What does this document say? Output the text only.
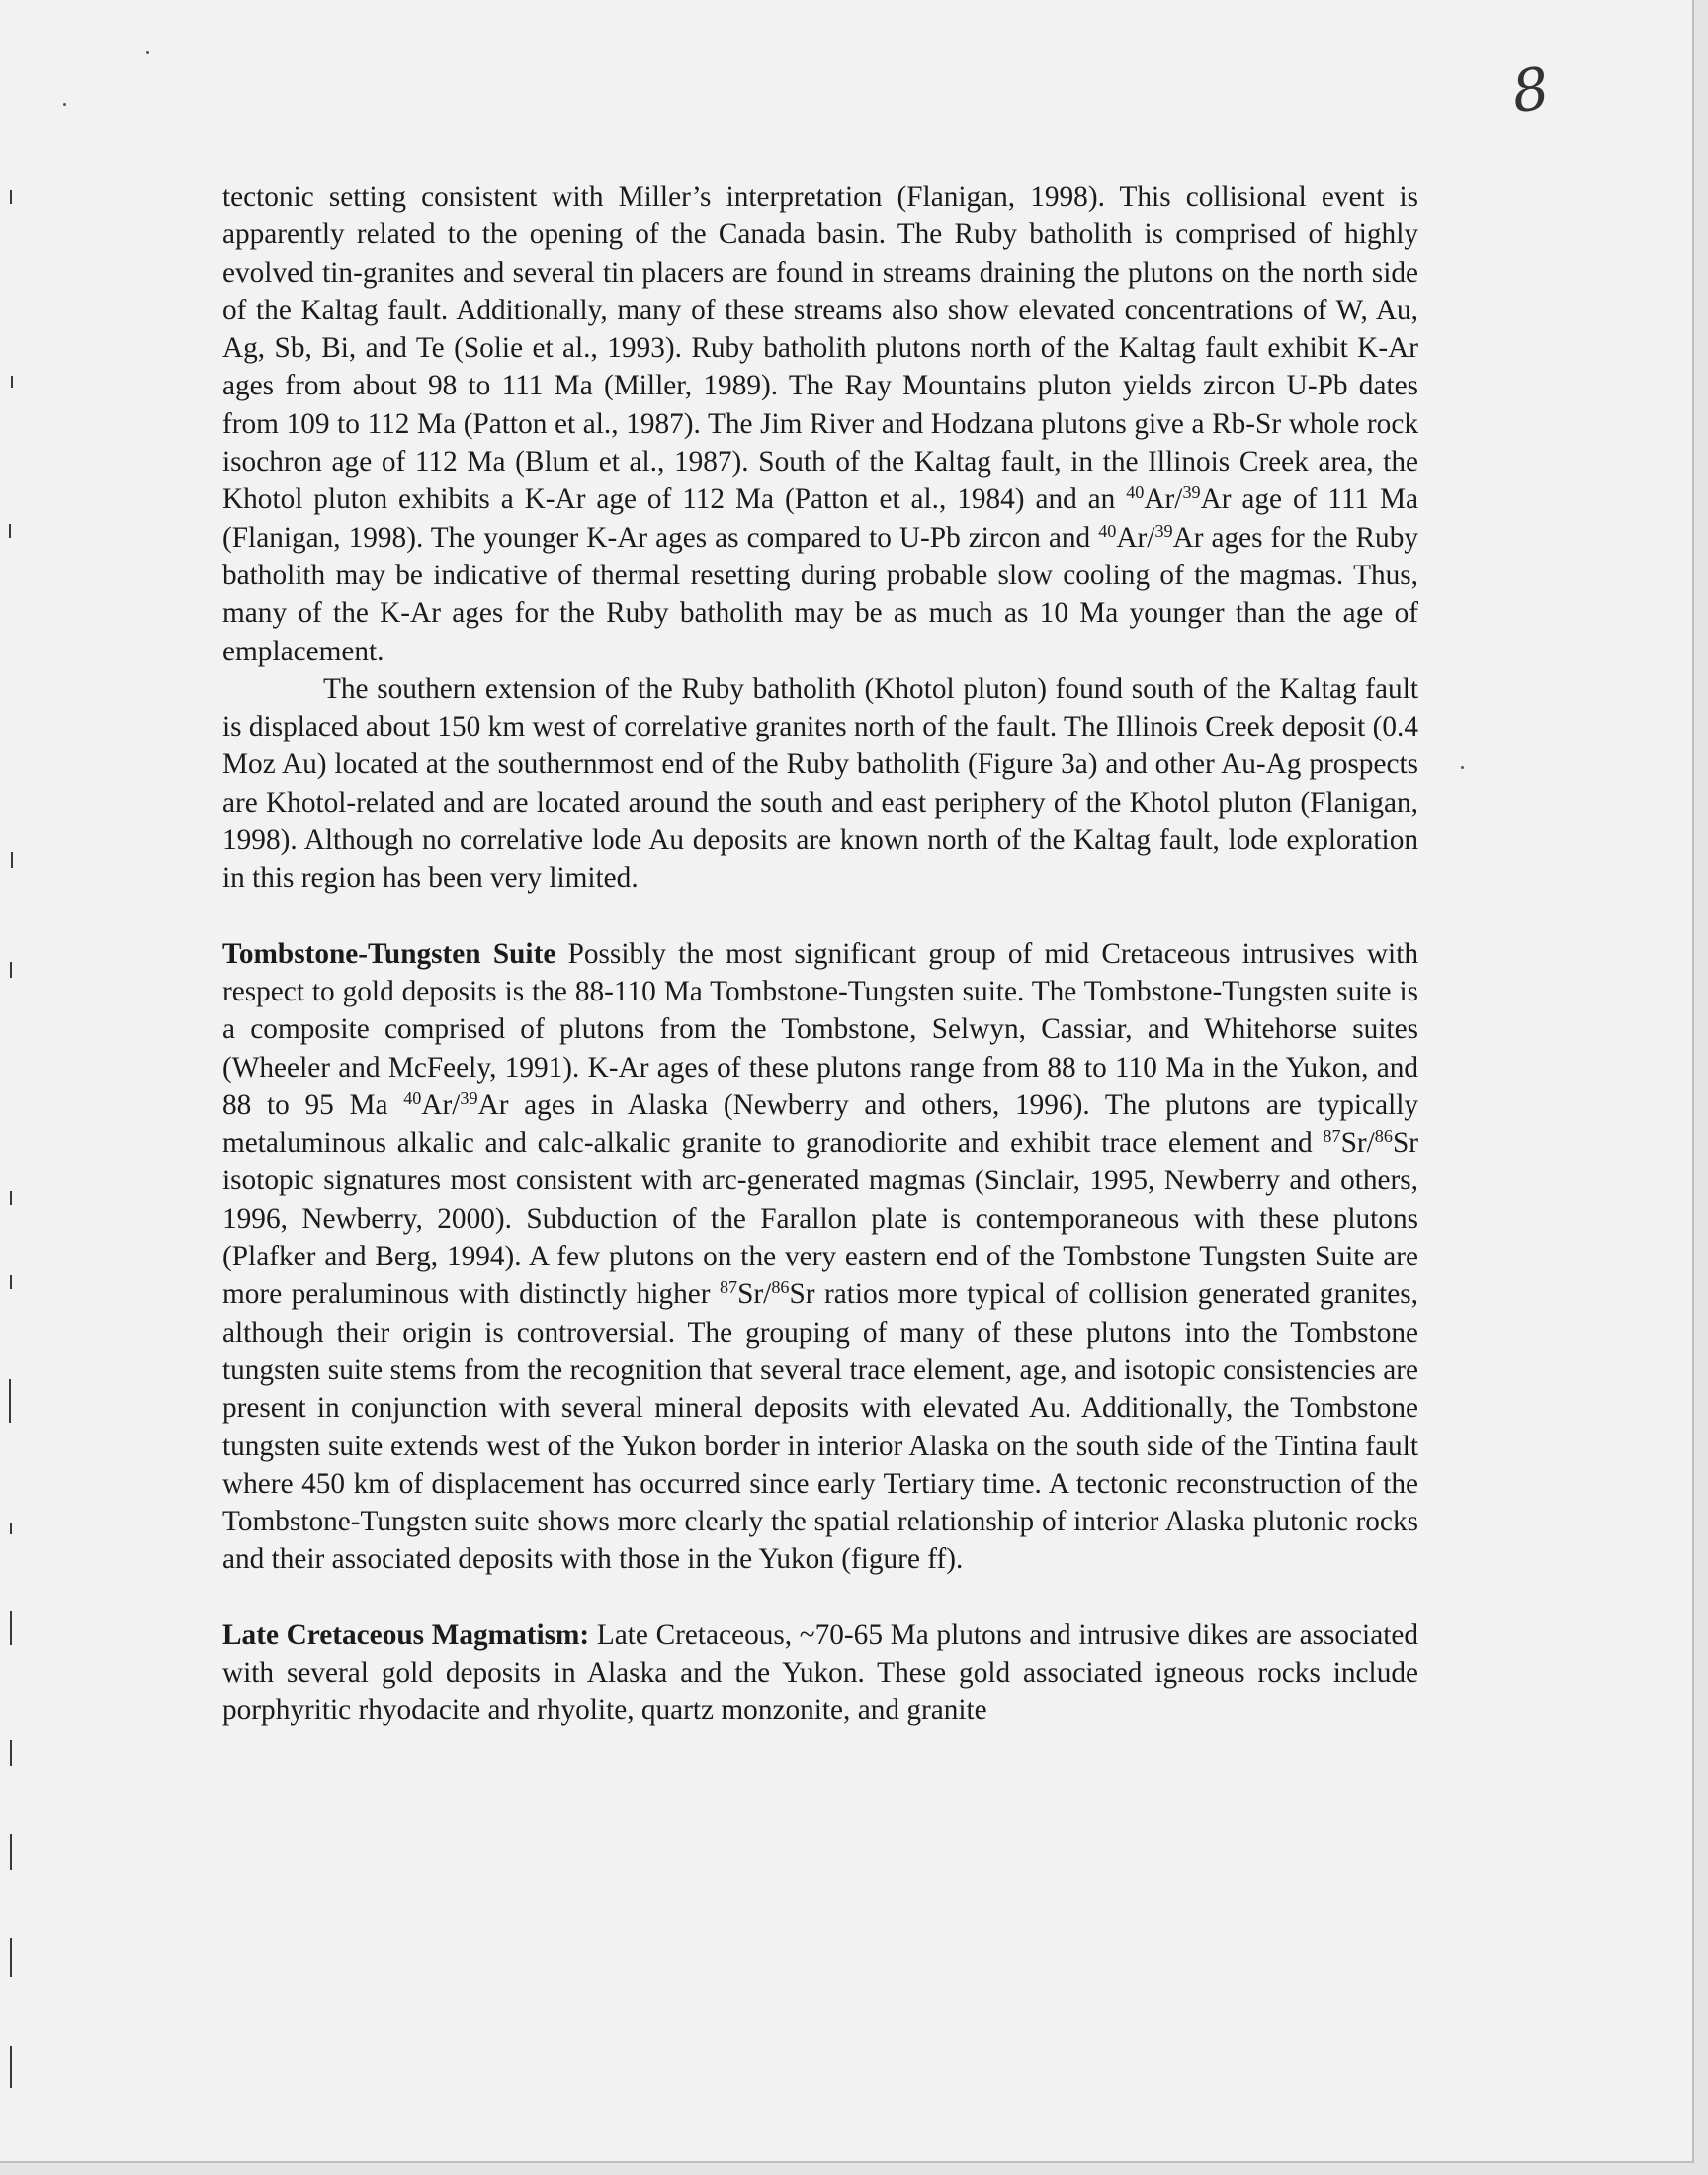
8

tectonic setting consistent with Miller’s interpretation (Flanigan, 1998). This collisional event is apparently related to the opening of the Canada basin. The Ruby batholith is comprised of highly evolved tin-granites and several tin placers are found in streams draining the plutons on the north side of the Kaltag fault. Additionally, many of these streams also show elevated concentrations of W, Au, Ag, Sb, Bi, and Te (Solie et al., 1993). Ruby batholith plutons north of the Kaltag fault exhibit K-Ar ages from about 98 to 111 Ma (Miller, 1989). The Ray Mountains pluton yields zircon U-Pb dates from 109 to 112 Ma (Patton et al., 1987). The Jim River and Hodzana plutons give a Rb-Sr whole rock isochron age of 112 Ma (Blum et al., 1987). South of the Kaltag fault, in the Illinois Creek area, the Khotol pluton exhibits a K-Ar age of 112 Ma (Patton et al., 1984) and an $^{40}$Ar/$^{39}$Ar age of 111 Ma (Flanigan, 1998). The younger K-Ar ages as compared to U-Pb zircon and $^{40}$Ar/$^{39}$Ar ages for the Ruby batholith may be indicative of thermal resetting during probable slow cooling of the magmas. Thus, many of the K-Ar ages for the Ruby batholith may be as much as 10 Ma younger than the age of emplacement.

The southern extension of the Ruby batholith (Khotol pluton) found south of the Kaltag fault is displaced about 150 km west of correlative granites north of the fault. The Illinois Creek deposit (0.4 Moz Au) located at the southernmost end of the Ruby batholith (Figure 3a) and other Au-Ag prospects are Khotol-related and are located around the south and east periphery of the Khotol pluton (Flanigan, 1998). Although no correlative lode Au deposits are known north of the Kaltag fault, lode exploration in this region has been very limited.

Tombstone-Tungsten Suite Possibly the most significant group of mid Cretaceous intrusives with respect to gold deposits is the 88-110 Ma Tombstone-Tungsten suite. The Tombstone-Tungsten suite is a composite comprised of plutons from the Tombstone, Selwyn, Cassiar, and Whitehorse suites (Wheeler and McFeely, 1991). K-Ar ages of these plutons range from 88 to 110 Ma in the Yukon, and 88 to 95 Ma $^{40}$Ar/$^{39}$Ar ages in Alaska (Newberry and others, 1996). The plutons are typically metaluminous alkalic and calc-alkalic granite to granodiorite and exhibit trace element and $^{87}$Sr/$^{86}$Sr isotopic signatures most consistent with arc-generated magmas (Sinclair, 1995, Newberry and others, 1996, Newberry, 2000). Subduction of the Farallon plate is contemporaneous with these plutons (Plafker and Berg, 1994). A few plutons on the very eastern end of the Tombstone Tungsten Suite are more peraluminous with distinctly higher $^{87}$Sr/$^{86}$Sr ratios more typical of collision generated granites, although their origin is controversial. The grouping of many of these plutons into the Tombstone tungsten suite stems from the recognition that several trace element, age, and isotopic consistencies are present in conjunction with several mineral deposits with elevated Au. Additionally, the Tombstone tungsten suite extends west of the Yukon border in interior Alaska on the south side of the Tintina fault where 450 km of displacement has occurred since early Tertiary time. A tectonic reconstruction of the Tombstone-Tungsten suite shows more clearly the spatial relationship of interior Alaska plutonic rocks and their associated deposits with those in the Yukon (figure ff).

Late Cretaceous Magmatism: Late Cretaceous, ~70-65 Ma plutons and intrusive dikes are associated with several gold deposits in Alaska and the Yukon. These gold associated igneous rocks include porphyritic rhyodacite and rhyolite, quartz monzonite, and granite
